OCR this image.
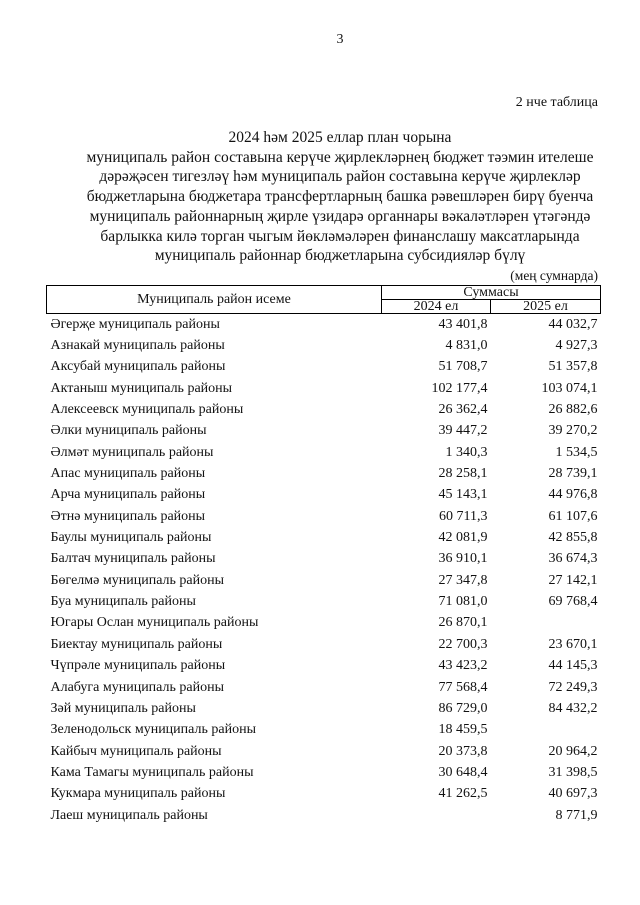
3
2 нче таблица
2024 һәм 2025 еллар план чорына
муниципаль район составына керүче җирлекләрнең бюджет тәэмин ителеше
дәрәҗәсен тигезләү һәм муниципаль район составына керүче җирлекләр
бюджетларына бюджетара трансфертларның башка рәвешләрен бирү буенча
муниципаль районнарның җирле үзидарә органнары вәкаләтләрен үтәгәндә
барлыкка килә торган чыгым йөкләмәләрен финанслашу максатларында
муниципаль районнар бюджетларына субсидияләр бүлү
(мең сумнарда)
Муниципаль район исеме	Суммасы	
	2024 ел	2025 ел
Әгерҗе муниципаль районы	43 401,8	44 032,7
Азнакай муниципаль районы	4 831,0	4 927,3
Аксубай муниципаль районы	51 708,7	51 357,8
Актаныш муниципаль районы	102 177,4	103 074,1
Алексеевск муниципаль районы	26 362,4	26 882,6
Әлки муниципаль районы	39 447,2	39 270,2
Әлмәт муниципаль районы	1 340,3	1 534,5
Апас муниципаль районы	28 258,1	28 739,1
Арча муниципаль районы	45 143,1	44 976,8
Әтнә муниципаль районы	60 711,3	61 107,6
Баулы муниципаль районы	42 081,9	42 855,8
Балтач муниципаль районы	36 910,1	36 674,3
Бөгелмә муниципаль районы	27 347,8	27 142,1
Буа муниципаль районы	71 081,0	69 768,4
Югары Ослан муниципаль районы	26 870,1	
Биектау муниципаль районы	22 700,3	23 670,1
Чүпрәле муниципаль районы	43 423,2	44 145,3
Алабуга муниципаль районы	77 568,4	72 249,3
Зәй муниципаль районы	86 729,0	84 432,2
Зеленодольск муниципаль районы	18 459,5	
Кайбыч муниципаль районы	20 373,8	20 964,2
Кама Тамагы муниципаль районы	30 648,4	31 398,5
Кукмара муниципаль районы	41 262,5	40 697,3
Лаеш муниципаль районы		8 771,9
